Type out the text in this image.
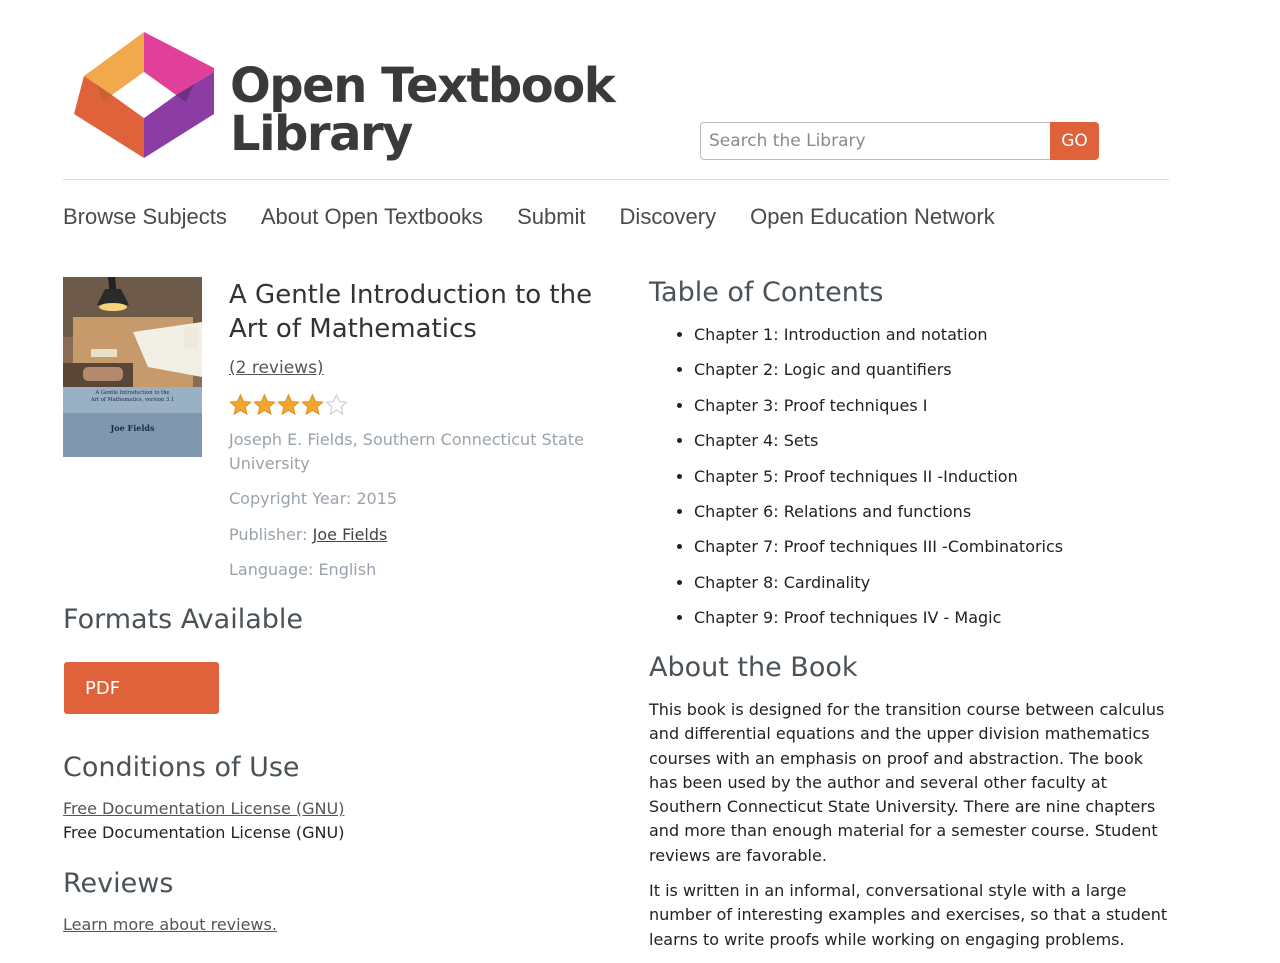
Open Textbook
Library
Search the Library	GO
Browse Subjects About Open Textbooks Submit Discovery Open Education Network
A Gentle Introduction to the
Art of Mathematics, version 3.1
Joe Fields
A Gentle Introduction to the Art of Mathematics
(2 reviews)
Joseph E. Fields, Southern Connecticut State University
Copyright Year: 2015
Publisher: Joe Fields
Language: English
Formats Available
PDF
Conditions of Use
Free Documentation License (GNU)
Free Documentation License (GNU)
Reviews
Learn more about reviews.
Table of Contents
• Chapter 1: Introduction and notation
• Chapter 2: Logic and quantifiers
• Chapter 3: Proof techniques I
• Chapter 4: Sets
• Chapter 5: Proof techniques II -Induction
• Chapter 6: Relations and functions
• Chapter 7: Proof techniques III -Combinatorics
• Chapter 8: Cardinality
• Chapter 9: Proof techniques IV - Magic
About the Book

This book is designed for the transition course between calculus and differential equations and the upper division mathematics courses with an emphasis on proof and abstraction. The book has been used by the author and several other faculty at Southern Connecticut State University. There are nine chapters and more than enough material for a semester course. Student reviews are favorable.

It is written in an informal, conversational style with a large number of interesting examples and exercises, so that a student learns to write proofs while working on engaging problems.
